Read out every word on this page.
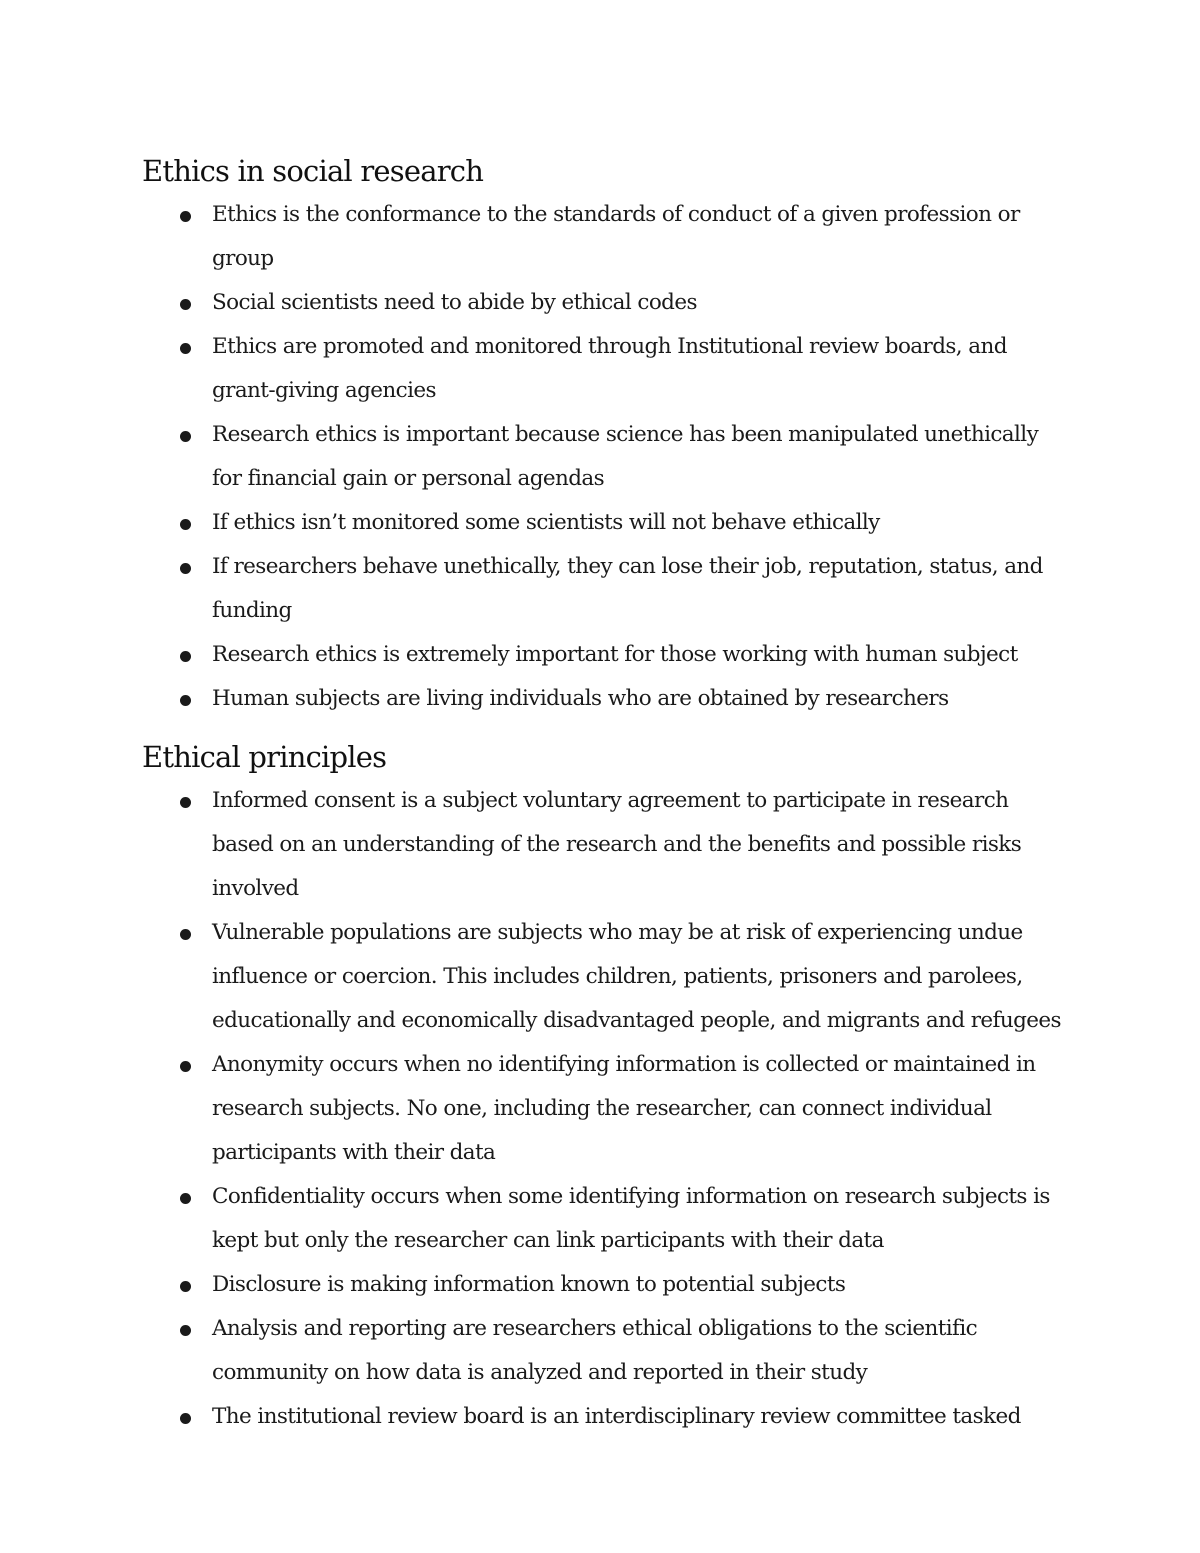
Ethics in social research
Ethics is the conformance to the standards of conduct of a given profession or group
Social scientists need to abide by ethical codes
Ethics are promoted and monitored through Institutional review boards, and grant-giving agencies
Research ethics is important because science has been manipulated unethically for financial gain or personal agendas
If ethics isn’t monitored some scientists will not behave ethically
If researchers behave unethically, they can lose their job, reputation, status, and funding
Research ethics is extremely important for those working with human subject
Human subjects are living individuals who are obtained by researchers
Ethical principles
Informed consent is a subject voluntary agreement to participate in research based on an understanding of the research and the benefits and possible risks involved
Vulnerable populations are subjects who may be at risk of experiencing undue influence or coercion. This includes children, patients, prisoners and parolees, educationally and economically disadvantaged people, and migrants and refugees
Anonymity occurs when no identifying information is collected or maintained in research subjects. No one, including the researcher, can connect individual participants with their data
Confidentiality occurs when some identifying information on research subjects is kept but only the researcher can link participants with their data
Disclosure is making information known to potential subjects
Analysis and reporting are researchers ethical obligations to the scientific community on how data is analyzed and reported in their study
The institutional review board is an interdisciplinary review committee tasked
